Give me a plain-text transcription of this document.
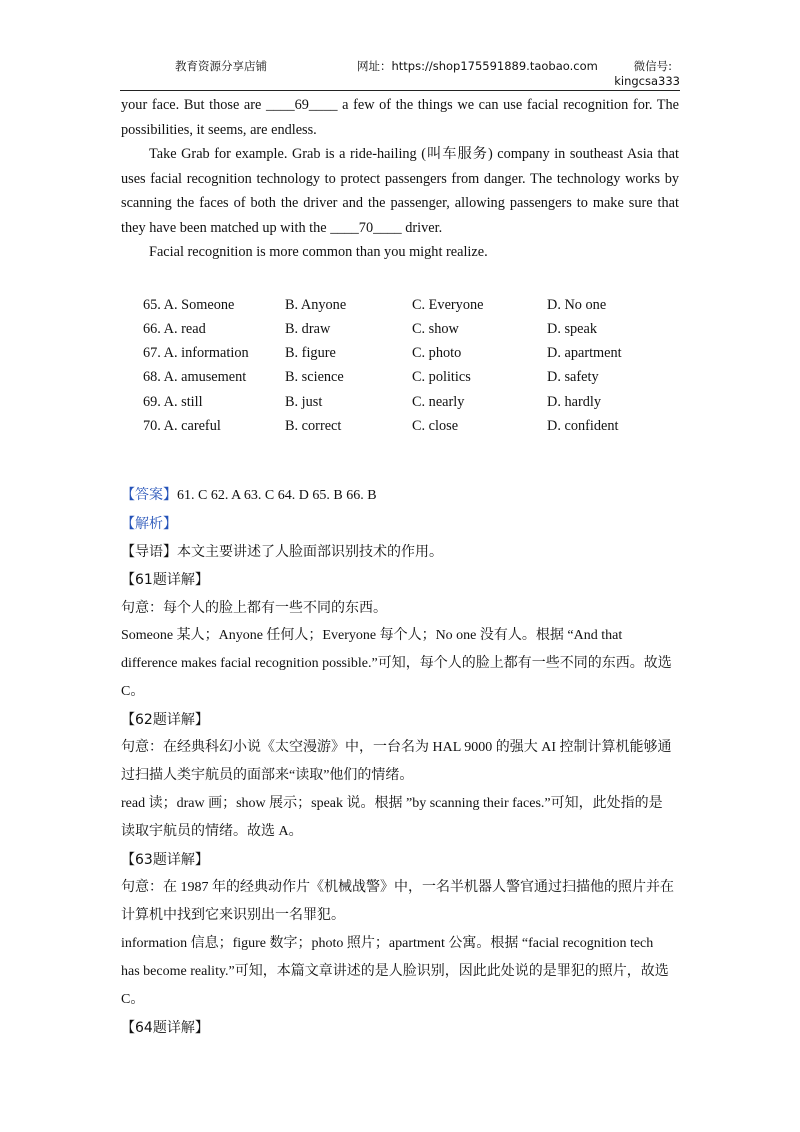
教育资源分享店铺	网址：https://shop175591889.taobao.com	微信号:
kingcsa333

your face. But those are ____69____ a few of the things we can use facial recognition for. The possibilities, it seems, are endless.

Take Grab for example. Grab is a ride-hailing (叫车服务) company in southeast Asia that uses facial recognition technology to protect passengers from danger. The technology works by scanning the faces of both the driver and the passenger, allowing passengers to make sure that they have been matched up with the ____70____ driver.

Facial recognition is more common than you might realize.

65. A. Someone	B. Anyone	C. Everyone	D. No one
66. A. read	B. draw	C. show	D. speak
67. A. information	B. figure	C. photo	D. apartment
68. A. amusement	B. science	C. politics	D. safety
69. A. still	B. just	C. nearly	D. hardly
70. A. careful	B. correct	C. close	D. confident
【答案】61. C 62. A 63. C 64. D 65. B 66. B
【解析】
【导语】本文主要讲述了人脸面部识别技术的作用。
【61题详解】
句意：每个人的脸上都有一些不同的东西。
Someone 某人；Anyone 任何人；Everyone 每个人；No one 没有人。根据 “And that
difference makes facial recognition possible.”可知，每个人的脸上都有一些不同的东西。故选
C。
【62题详解】
句意：在经典科幻小说《太空漫游》中，一台名为 HAL 9000 的强大 AI 控制计算机能够通
过扫描人类宇航员的面部来“读取”他们的情绪。
read 读；draw 画；show 展示；speak 说。根据 ”by scanning their faces.”可知，此处指的是
读取宇航员的情绪。故选 A。
【63题详解】
句意：在 1987 年的经典动作片《机械战警》中，一名半机器人警官通过扫描他的照片并在
计算机中找到它来识别出一名罪犯。
information 信息；figure 数字；photo 照片；apartment 公寓。根据 “facial recognition tech
has become reality.”可知，本篇文章讲述的是人脸识别，因此此处说的是罪犯的照片，故选
C。
【64题详解】
